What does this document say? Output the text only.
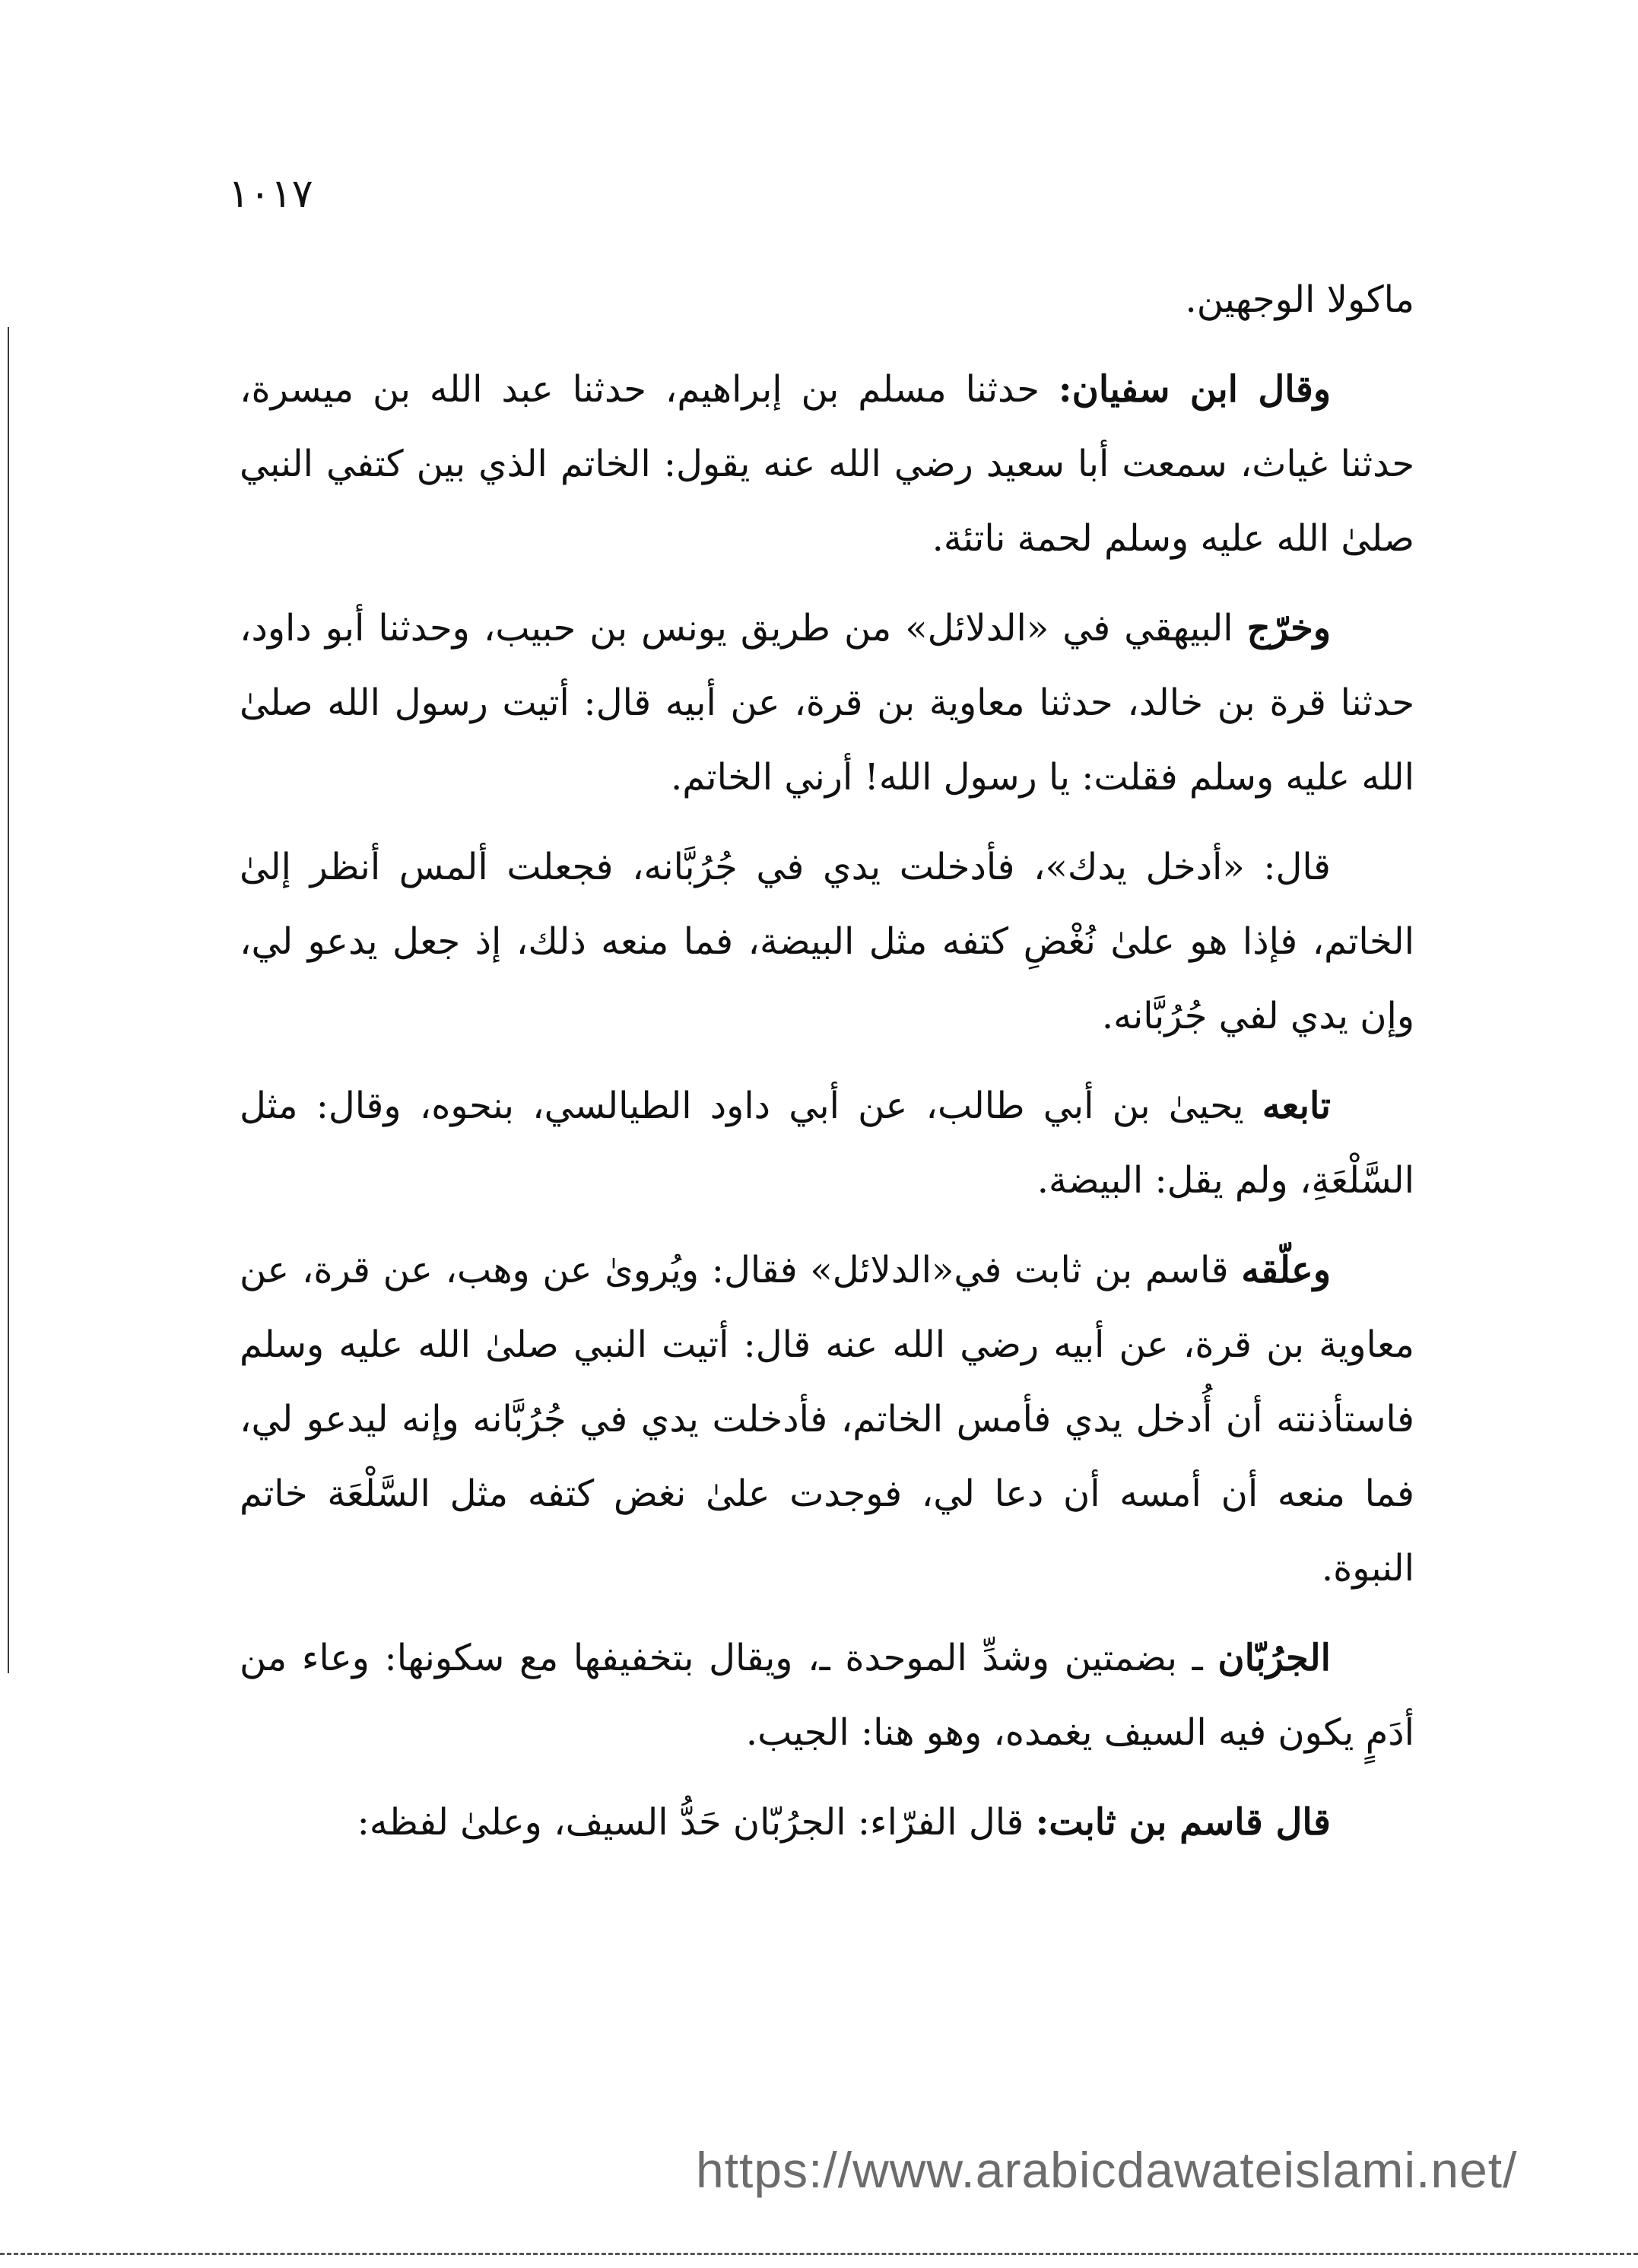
١٠١٧

ماكولا الوجهين.

وقال ابن سفيان: حدثنا مسلم بن إبراهيم، حدثنا عبد الله بن ميسرة، حدثنا غياث، سمعت أبا سعيد رضي الله عنه يقول: الخاتم الذي بين كتفي النبي صلىٰ الله عليه وسلم لحمة ناتئة.

وخرّج البيهقي في «الدلائل» من طريق يونس بن حبيب، وحدثنا أبو داود، حدثنا قرة بن خالد، حدثنا معاوية بن قرة، عن أبيه قال: أتيت رسول الله صلىٰ الله عليه وسلم فقلت: يا رسول الله! أرني الخاتم.

قال: «أدخل يدك»، فأدخلت يدي في جُرُبَّانه، فجعلت ألمس أنظر إلىٰ الخاتم، فإذا هو علىٰ نُغْضِ كتفه مثل البيضة، فما منعه ذلك، إذ جعل يدعو لي، وإن يدي لفي جُرُبَّانه.

تابعه يحيىٰ بن أبي طالب، عن أبي داود الطيالسي، بنحوه، وقال: مثل السَّلْعَةِ، ولم يقل: البيضة.

وعلّقه قاسم بن ثابت في«الدلائل» فقال: ويُروىٰ عن وهب، عن قرة، عن معاوية بن قرة، عن أبيه رضي الله عنه قال: أتيت النبي صلىٰ الله عليه وسلم فاستأذنته أن أُدخل يدي فأمس الخاتم، فأدخلت يدي في جُرُبَّانه وإنه ليدعو لي، فما منعه أن أمسه أن دعا لي، فوجدت علىٰ نغض كتفه مثل السَّلْعَة خاتم النبوة.

الجرُبّان ـ بضمتين وشدِّ الموحدة ـ، ويقال بتخفيفها مع سكونها: وعاء من أدَمٍ يكون فيه السيف يغمده، وهو هنا: الجيب.

قال قاسم بن ثابت: قال الفرّاء: الجرُبّان حَدُّ السيف، وعلىٰ لفظه:

https://www.arabicdawateislami.net/
